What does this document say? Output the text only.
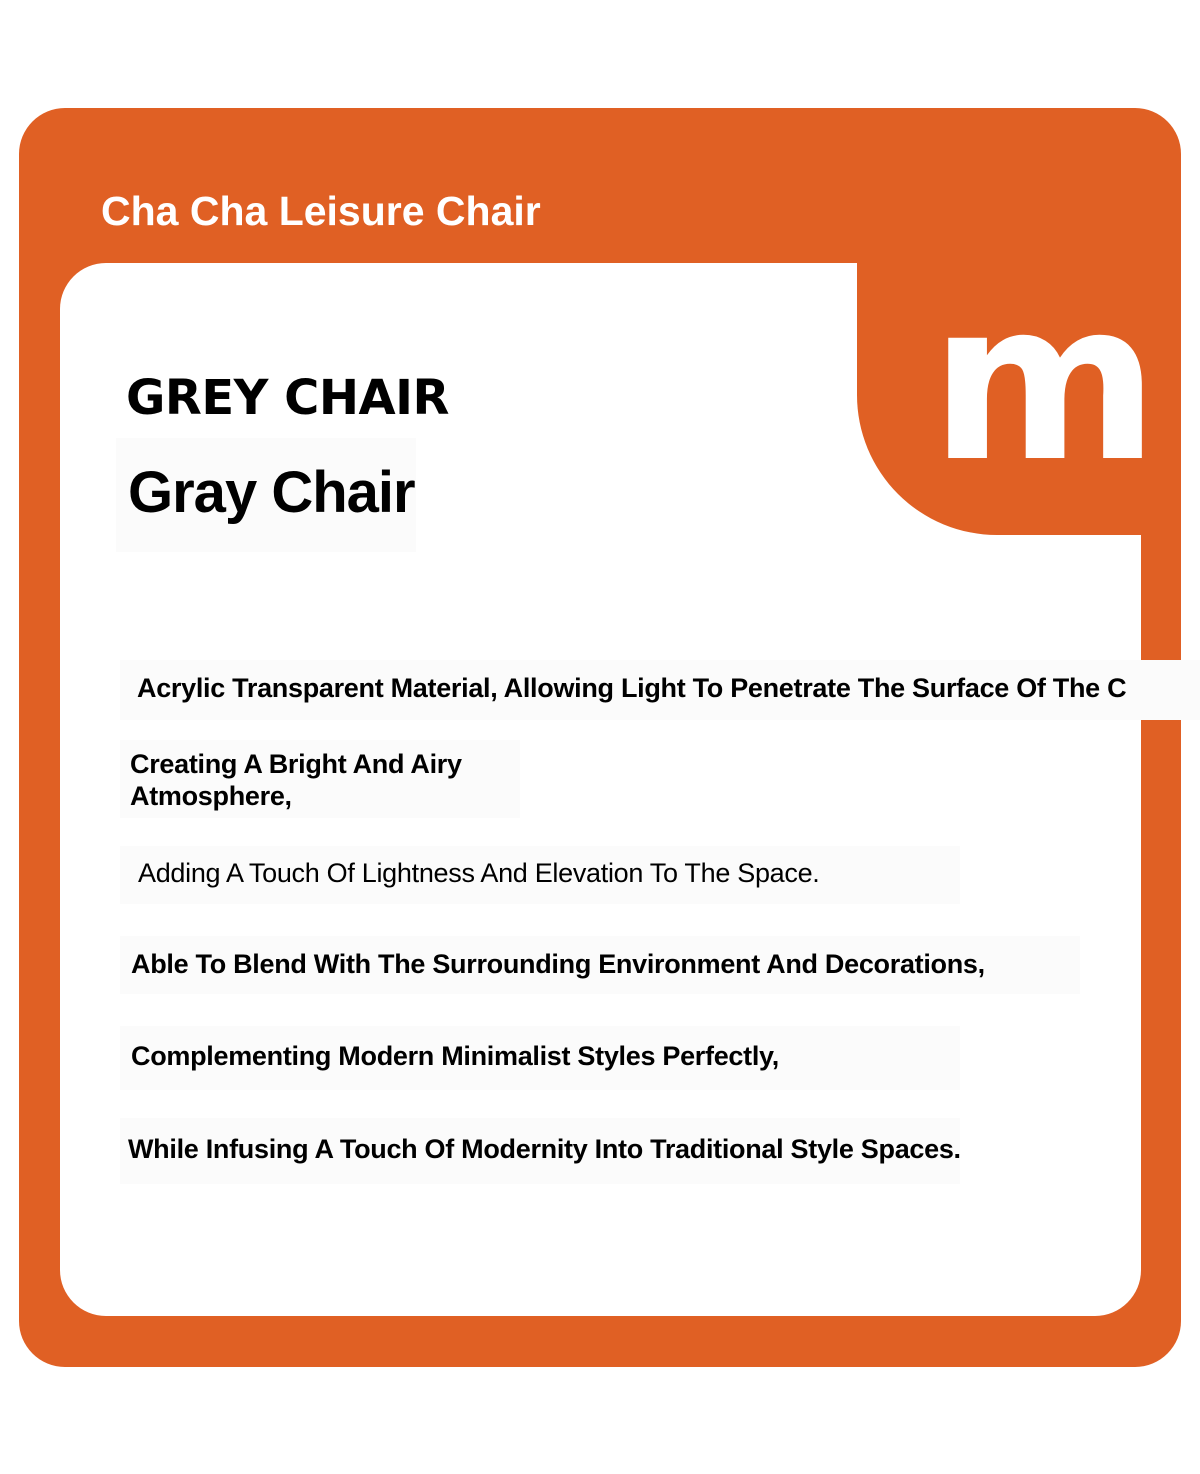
Cha Cha Leisure Chair
m
GREY CHAIR
Gray Chair
Acrylic Transparent Material, Allowing Light To Penetrate The Surface Of The C
Creating A Bright And Airy
Atmosphere,
Adding A Touch Of Lightness And Elevation To The Space.
Able To Blend With The Surrounding Environment And Decorations,
Complementing Modern Minimalist Styles Perfectly,
While Infusing A Touch Of Modernity Into Traditional Style Spaces.
